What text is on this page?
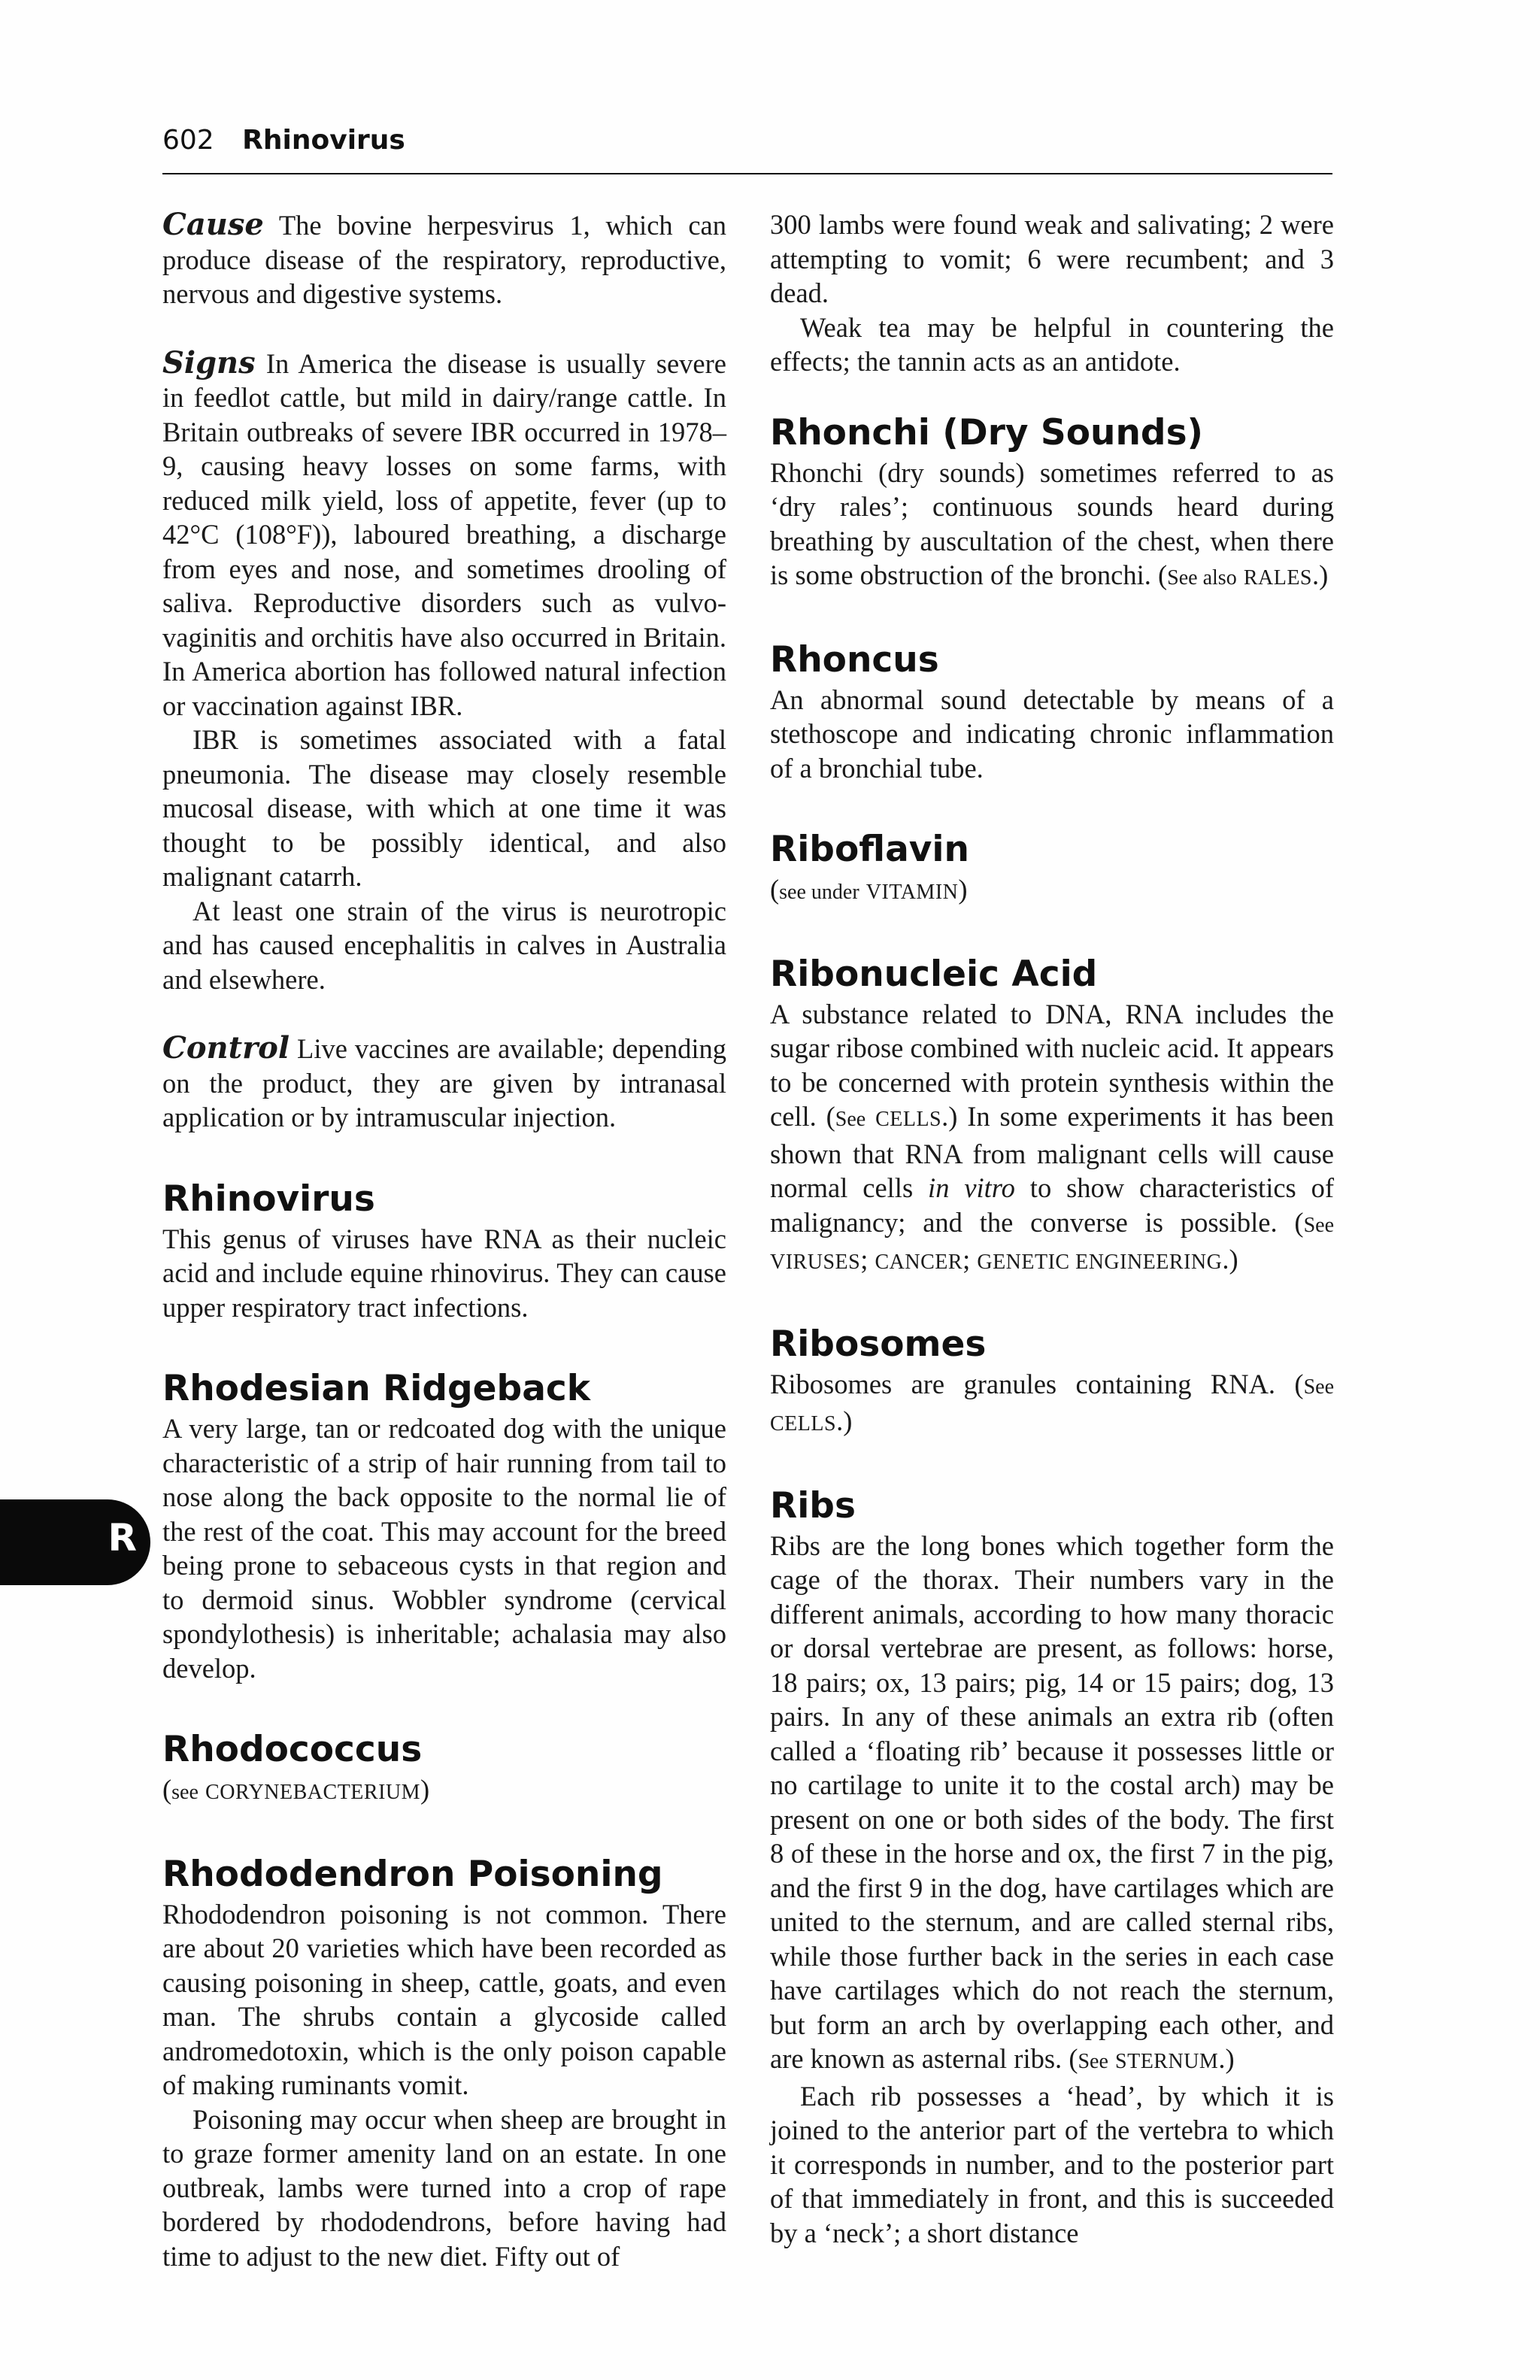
602 Rhinovirus
R

Cause The bovine herpesvirus 1, which can produce disease of the respiratory, reproductive, nervous and digestive systems.

Signs In America the disease is usually severe in feedlot cattle, but mild in dairy/range cattle. In Britain outbreaks of severe IBR occurred in 1978–9, causing heavy losses on some farms, with reduced milk yield, loss of appetite, fever (up to 42°C (108°F)), laboured breathing, a discharge from eyes and nose, and sometimes drooling of saliva. Reproductive disorders such as vulvo-vaginitis and orchitis have also occurred in Britain. In America abortion has followed natural infection or vaccination against IBR.

IBR is sometimes associated with a fatal pneumonia. The disease may closely resemble mucosal disease, with which at one time it was thought to be possibly identical, and also malignant catarrh.

At least one strain of the virus is neurotropic and has caused encephalitis in calves in Australia and elsewhere.

Control Live vaccines are available; depending on the product, they are given by intranasal application or by intramuscular injection.

Rhinovirus

This genus of viruses have RNA as their nucleic acid and include equine rhinovirus. They can cause upper respiratory tract infections.

Rhodesian Ridgeback

A very large, tan or redcoated dog with the unique characteristic of a strip of hair running from tail to nose along the back opposite to the normal lie of the rest of the coat. This may account for the breed being prone to sebaceous cysts in that region and to dermoid sinus. Wobbler syndrome (cervical spondylothesis) is inheritable; achalasia may also develop.

Rhodococcus

(see CORYNEBACTERIUM)

Rhododendron Poisoning

Rhododendron poisoning is not common. There are about 20 varieties which have been recorded as causing poisoning in sheep, cattle, goats, and even man. The shrubs contain a glycoside called andromedotoxin, which is the only poison capable of making ruminants vomit.

Poisoning may occur when sheep are brought in to graze former amenity land on an estate. In one outbreak, lambs were turned into a crop of rape bordered by rhododendrons, before having had time to adjust to the new diet. Fifty out of

300 lambs were found weak and salivating; 2 were attempting to vomit; 6 were recumbent; and 3 dead.

Weak tea may be helpful in countering the effects; the tannin acts as an antidote.

Rhonchi (Dry Sounds)

Rhonchi (dry sounds) sometimes referred to as ‘dry rales’; continuous sounds heard during breathing by auscultation of the chest, when there is some obstruction of the bronchi. (See also RALES.)

Rhoncus

An abnormal sound detectable by means of a stethoscope and indicating chronic inflammation of a bronchial tube.

Riboflavin

(see under VITAMIN)

Ribonucleic Acid

A substance related to DNA, RNA includes the sugar ribose combined with nucleic acid. It appears to be concerned with protein synthesis within the cell. (See CELLS.) In some experiments it has been shown that RNA from malignant cells will cause normal cells in vitro to show characteristics of malignancy; and the converse is possible. (See VIRUSES; CANCER; GENETIC ENGINEERING.)

Ribosomes

Ribosomes are granules containing RNA. (See CELLS.)

Ribs

Ribs are the long bones which together form the cage of the thorax. Their numbers vary in the different animals, according to how many thoracic or dorsal vertebrae are present, as follows: horse, 18 pairs; ox, 13 pairs; pig, 14 or 15 pairs; dog, 13 pairs. In any of these animals an extra rib (often called a ‘floating rib’ because it possesses little or no cartilage to unite it to the costal arch) may be present on one or both sides of the body. The first 8 of these in the horse and ox, the first 7 in the pig, and the first 9 in the dog, have cartilages which are united to the sternum, and are called sternal ribs, while those further back in the series in each case have cartilages which do not reach the sternum, but form an arch by overlapping each other, and are known as asternal ribs. (See STERNUM.)

Each rib possesses a ‘head’, by which it is joined to the anterior part of the vertebra to which it corresponds in number, and to the posterior part of that immediately in front, and this is succeeded by a ‘neck’; a short distance
